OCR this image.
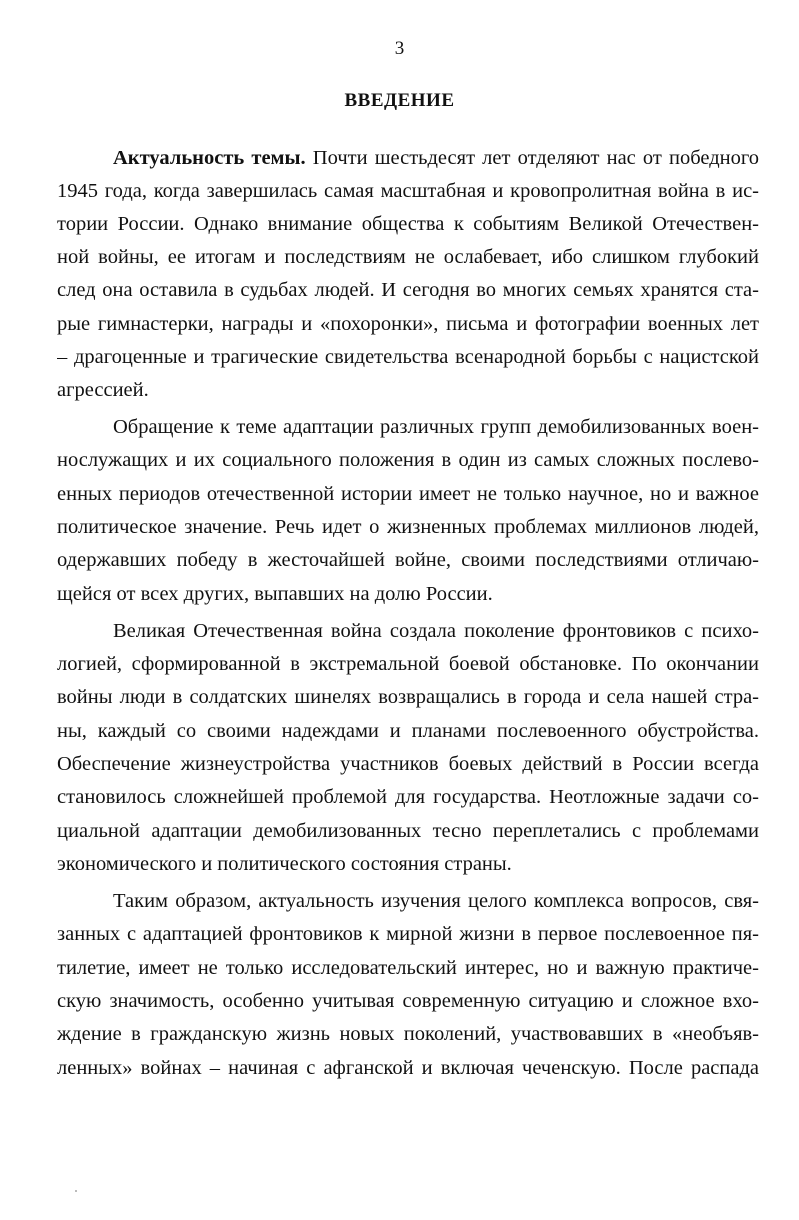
3
ВВЕДЕНИЕ
Актуальность темы. Почти шестьдесят лет отделяют нас от победного
1945 года, когда завершилась самая масштабная и кровопролитная война в ис-
тории России. Однако внимание общества к событиям Великой Отечествен-
ной войны, ее итогам и последствиям не ослабевает, ибо слишком глубокий
след она оставила в судьбах людей. И сегодня во многих семьях хранятся ста-
рые гимнастерки, награды и «похоронки», письма и фотографии военных лет
– драгоценные и трагические свидетельства всенародной борьбы с нацистской
агрессией.
Обращение к теме адаптации различных групп демобилизованных воен-
нослужащих и их социального положения в один из самых сложных послево-
енных периодов отечественной истории имеет не только научное, но и важное
политическое значение. Речь идет о жизненных проблемах миллионов людей,
одержавших победу в жесточайшей войне, своими последствиями отличаю-
щейся от всех других, выпавших на долю России.
Великая Отечественная война создала поколение фронтовиков с психо-
логией, сформированной в экстремальной боевой обстановке. По окончании
войны люди в солдатских шинелях возвращались в города и села нашей стра-
ны, каждый со своими надеждами и планами послевоенного обустройства.
Обеспечение жизнеустройства участников боевых действий в России всегда
становилось сложнейшей проблемой для государства. Неотложные задачи со-
циальной адаптации демобилизованных тесно переплетались с проблемами
экономического и политического состояния страны.
Таким образом, актуальность изучения целого комплекса вопросов, свя-
занных с адаптацией фронтовиков к мирной жизни в первое послевоенное пя-
тилетие, имеет не только исследовательский интерес, но и важную практиче-
скую значимость, особенно учитывая современную ситуацию и сложное вхо-
ждение в гражданскую жизнь новых поколений, участвовавших в «необъяв-
ленных» войнах – начиная с афганской и включая чеченскую. После распада
